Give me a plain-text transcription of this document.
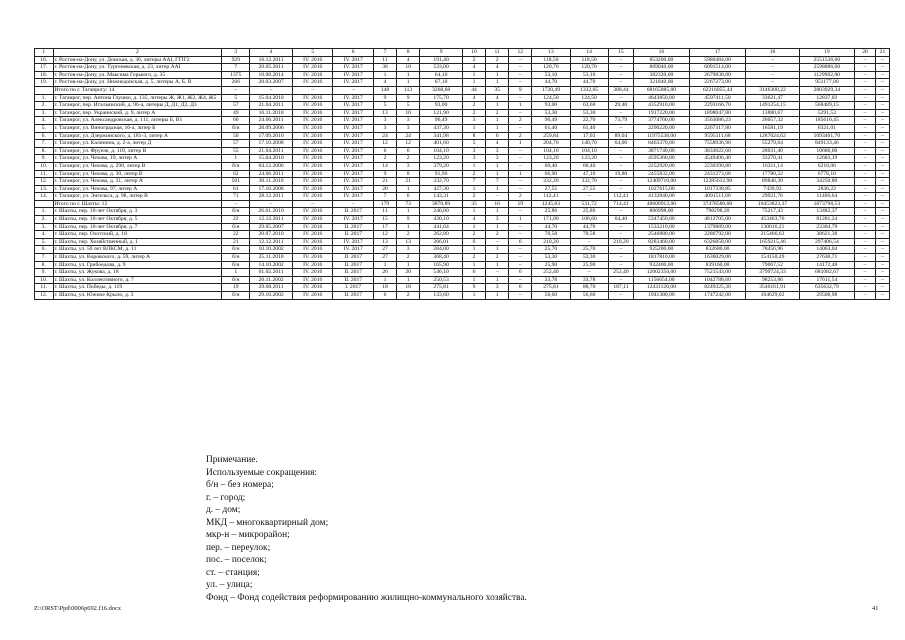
1	2	3	4	5	6	7	8	9	10	11	12	13	14	15	16	17	18	19	20	21
16.	г. Ростов-на-Дону, ул. Донская, д. 36, литеры ААІ, ГГІГ2	929	16.12.2011	IV. 2016	IV. 2017	11	4	191,40	2	2	–	118,50	118,50	–	853200,00	5980484,00	–	2551536,00	–	–
17.	г. Ростов-на-Дону, ул. Тургеневская, д. 23, литер ААІ	7	20.05.2011	IV. 2016	IV. 2017	38	10	533,00	4	4	–	120,70	120,70	–	869040,00	6091514,00	–	2598886,00	–	–
18.	г. Ростов-на-Дону, ул. Максима Горького, д. 35	1375	18.08.2014	IV. 2016	IV. 2017	1	1	64,10	1	1	–	53,10	53,10	–	382320,00	2679838,00	–	1129962,00	–	–
19.	г. Ростов-на-Дону, ул. Нижнедонская, д. 5, литеры А, Б, В	266	28.03.2007	IV. 2016	IV. 2017	4	1	67,10	1	1	–	44,70	44,70	–	321840,00	2267273,00	–	951177,00	–	–
	Итого по г. Таганрогу: 14	–	–	–	–	148	113	3268,68	44	35	9	1720,49	1332,05	388,44	68165885,00	62216055,44	3146300,22	2803929,34	–	–
1.	г. Таганрог, пер. Антона Глушко, д. 135, литеры Ж, Ж1, Ж2, Ж4, Ж5	5	15.04.2010	IV. 2016	IV. 2017	9	9	175,70	4	4	–	124,50	124,50	–	4643850,00	4597411,50	33621,47	12837,03	–	–
2.	г. Таганрог, пер. Итальянский, д. 96-а, литеры Д, Д1, Д2, Д3	57	21.04.2011	IV. 2016	IV. 2017	5	5	93,00	2	1	1	93,00	63,60	29,40	4352910,00	2293166,70	1491254,15	568489,15	–	–
3.	г. Таганрог, пер. Украинский, д. 9, литер А	49	16.11.2010	IV. 2016	IV. 2017	13	10	121,90	2	2	–	53,30	53,30	–	1917220,00	1898047,80	13880,67	5291,53	–	–
4.	г. Таганрог, ул. Александровская, д. 111, литеры Б, В1	60	24.06.2011	IV. 2016	IV. 2017	3	3	96,49	3	1	2	96,49	22,70	73,79	3774760,00	3563086,23	26057,32	185616,45	–	–
5.	г. Таганрог, ул. Виноградная, 16-а, литер Б	б/н	28.09.2006	IV. 2016	IV. 2017	3	3	437,30	1	1	–	61,40	61,40	–	2290220,00	2267317,80	16581,19	6321,01	–	–
6.	г. Таганрог, ул. Дзержинского, д. 181-3, литер А	50	17.09.2010	IV. 2016	IV. 2017	24	24	341,98	8	6	2	259,84	17,03	89,04	11975538,00	9595111,68	1287024,62	1093401,70	–	–
7.	г. Таганрог, ул. Калинина, д. 2-а, литер Д	57	17.10.2008	IV. 2016	IV. 2017	12	12	401,60	5	4	1	204,70	140,70	64,00	8463370,00	7558936,90	55279,64	849133,46	–	–
8.	г. Таганрог, ул. Фрунзе, д. 118, литер В	55	21.04.2011	IV. 2016	IV. 2017	6	6	104,10	3	3	–	104,10	104,10	–	3871740,00	3833022,60	28031,40	10686,00	–	–
9.	г. Таганрог, ул. Чехова, 19, литер А	1	15.04.2010	IV. 2016	IV. 2017	2	2	123,20	3	3	–	123,20	123,20	–	4595360,00	4549406,40	33270,41	12683,19	–	–
10.	г. Таганрог, ул. Чехова, д. 290, литер В	б/н	04.12.2006	IV. 2016	IV. 2017	14	3	379,20	1	1	–	60,40	60,40	–	2252920,00	2230390,80	16311,14	6218,06	–	–
11.	г. Таганрог, ул. Чехова, д. 30, литер В	62	24.06.2011	IV. 2016	IV. 2017	9	8	91,90	2	1	1	66,90	47,10	19,80	2455832,00	2431273,68	17780,22	6778,10	–	–
12.	г. Таганрог, ул. Чехова, д. 31, литер А	501	30.11.2010	IV. 2016	IV. 2017	21	21	332,70	7	7	–	332,20	332,70	–	12409710,00	12285612,90	89846,30	34250,80	–	–
13.	г. Таганрог, ул. Чехова, 97, литер А	61	17.10.2008	IV. 2016	IV. 2017	20	1	427,30	1	1	–	27,55	27,55	–	1027615,00	1017338,85	7439,93	2836,22	–	–
14.	г. Таганрог, ул. Энгельса, д. 98, литер В	71	28.12.2011	IV. 2016	IV. 2017	7	6	143,31	2	–	2	112,41	–	112,41	4132840,00	4091511,60	29921,76	11406,64	–	–
	Итого по г. Шахты: 12	–	–	–	–	179	73	3870,89	35	16	19	1245,83	531,72	714,41	48600912,00	37478580,00	10453823,37	1873798,53	–	–
1.	г. Шахты, пер. 10-лет Октября, д. 3	б/н	26.01.2010	IV. 2016	II. 2017	11	1	246,00	1	1	–	25,86	25,86	–	866998,00	798298,20	75217,43	13482,37	–	–
2.	г. Шахты, пер. 10-лет Октября, д. 5	22	12.12.2011	IV. 2016	IV. 2017	15	9	430,10	4	3	1	171,00	106,60	64,40	5347450,00	4812705,00	453463,76	81281,24	–	–
3.	г. Шахты, пер. 10-лет Октября, д. 7	б/н	29.05.2007	IV. 2016	II. 2017	17	1	441,64	1	1	–	44,70	44,70	–	1533210,00	1379889,00	130016,21	23304,79	–	–
4.	г. Шахты, пер. Охотский, д. 18	22	20.07.2010	IV. 2016	II. 2017	12	2	262,80	2	2	–	70,58	70,58	–	2546880,00	2286792,00	215466,62	38621,38	–	–
5.	г. Шахты, пер. Хозяйственный, д. 1	21	12.12.2011	IV. 2016	IV. 2017	13	13	266,01	6	–	6	210,20	–	210,20	8283460,00	6326858,00	1659215,46	297406,54	–	–
6.	г. Шахты, ул. 50 лет ВЛКСМ, д. 11	б/н	10.10.2002	IV. 2016	IV. 2017	27	3	284,00	1	1	–	25,70	25,70	–	925200,00	832680,00	78456,96	14063,04	–	–
7.	г. Шахты, ул. Воровского, д. 59, литер А	б/н	25.11.2010	IV. 2016	II. 2017	27	2	368,40	2	2	–	53,30	53,30	–	1817810,00	1636029,00	154150,29	27630,71	–	–
8.	г. Шахты, ул. Грибоедова, д. 9	б/н	14.10.2002	IV. 2016	II. 2017	1	1	165,90	1	1	–	25,90	25,90	–	932400,00	839160,00	79067,52	14172,48	–	–
9.	г. Шахты, ул. Жукова, д. 18	1	01.02.2011	IV. 2016	II. 2017	26	20	546,10	6	–	6	252,40	–	252,40	12002350,00	7521543,00	3799724,33	681082,67	–	–
10.	г. Шахты, ул. Коллективного, д. 7	б/н	20.11.2002	IV. 2016	II. 2017	1	1	250,53	1	1	–	33,78	33,78	–	1156654,00	1042788,60	98253,86	17611,54	–	–
11.	г. Шахты, ул. Победы, д. 119	19	29.08.2011	IV. 2016	I. 2017	18	18	275,81	9	3	6	275,81	88,70	187,11	12431120,00	8249325,30	3546161,91	635632,79	–	–
12.	г. Шахты, ул. Южное Крыло, д. 3	б/н	29.10.2002	IV. 2016	II. 2017	6	2	133,60	1	1	–	56,60	56,60	–	1941380,00	1747242,00	164629,02	29508,98	–	–
Примечание.
Используемые сокращения:
б/н – без номера;
г. – город;
д. – дом;
МКД – многоквартирный дом;
мкр-н – микрорайон;
пер. – переулок;
пос. – поселок;
ст. – станция;
ул. – улица;
Фонд – Фонд содействия реформированию жилищно-коммунального хозяйства.
Z:\ORST\Ppd\0006p692.f16.docx	41
